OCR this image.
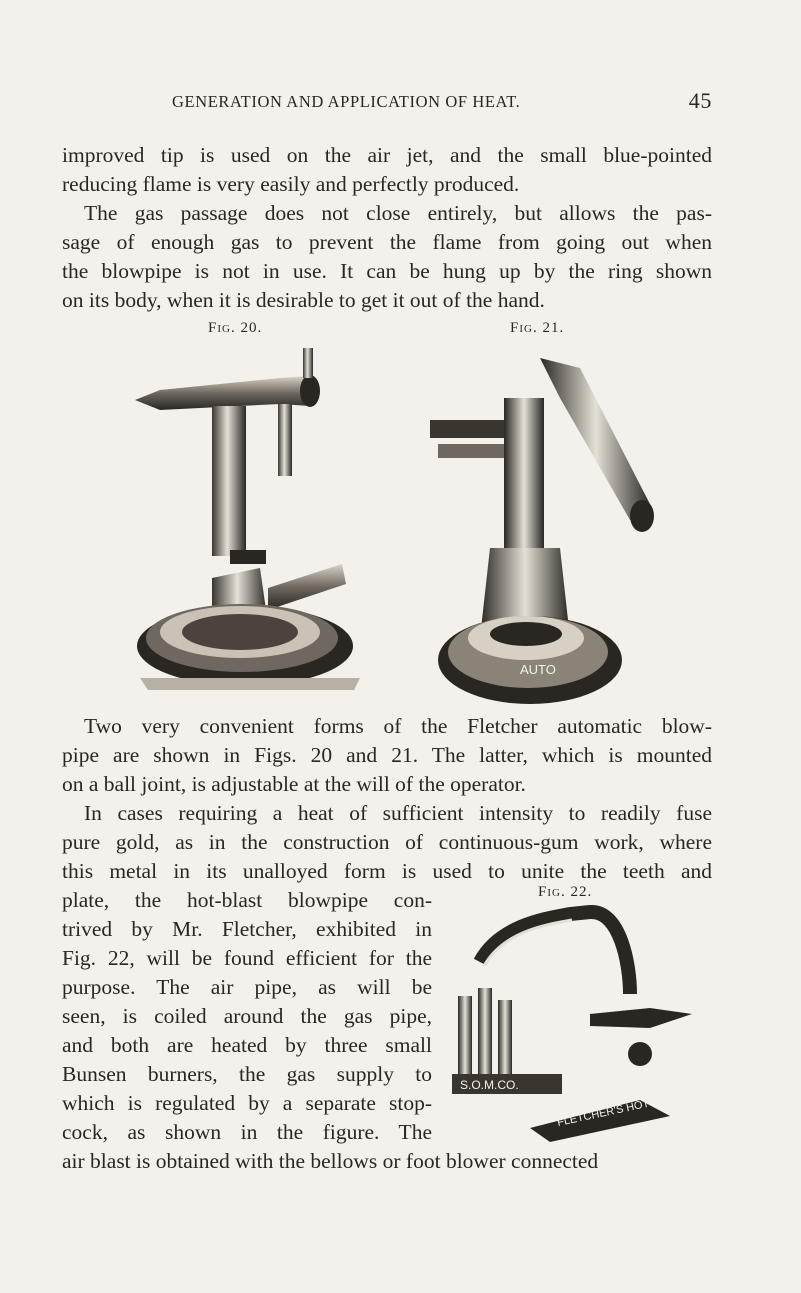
GENERATION AND APPLICATION OF HEAT.	45

improved tip is used on the air jet, and the small blue-pointed

reducing flame is very easily and perfectly produced.

The gas passage does not close entirely, but allows the pas-

sage of enough gas to prevent the flame from going out when

the blowpipe is not in use. It can be hung up by the ring shown

on its body, when it is desirable to get it out of the hand.

Fig. 20.	Fig. 21.
AUTO

Two very convenient forms of the Fletcher automatic blow-

pipe are shown in Figs. 20 and 21. The latter, which is mounted

on a ball joint, is adjustable at the will of the operator.

In cases requiring a heat of sufficient intensity to readily fuse

pure gold, as in the construction of continuous-gum work, where

this metal in its unalloyed form is used to unite the teeth and

plate, the hot-blast blowpipe con-

trived by Mr. Fletcher, exhibited in

Fig. 22, will be found efficient for the

purpose. The air pipe, as will be

seen, is coiled around the gas pipe,

and both are heated by three small

Bunsen burners, the gas supply to

which is regulated by a separate stop-

cock, as shown in the figure. The

Fig. 22.
S.O.M.CO.
FLETCHER'S HOT BL

air blast is obtained with the bellows or foot blower connected
